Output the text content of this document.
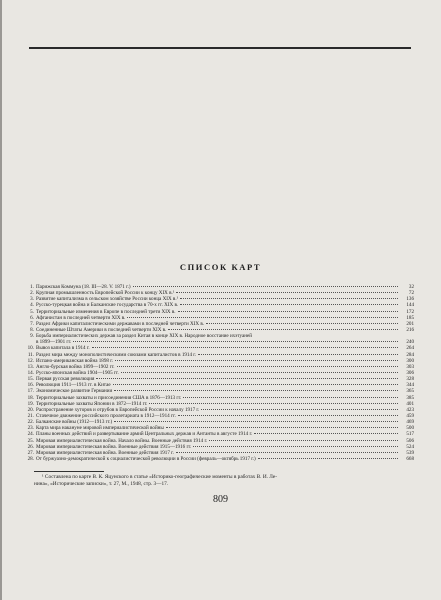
СПИСОК КАРТ
1. Парижская Коммуна (18. III—28. V. 1871 г.)	32
2. Крупная промышленность Европейской России к концу XIX в.¹	72
3. Развитие капитализма в сельском хозяйстве России конца XIX в.¹	136
4. Русско-турецкая война и Балканские государства в 70-х гг. XIX в.	144
5. Территориальные изменения в Европе в последней трети XIX в.	172
6. Афганистан в последней четверти XIX в.	185
7. Раздел Африки капиталистическими державами в последней четверти XIX в.	201
8. Соединенные Штаты Америки в последней четверти XIX в.	216
9. Борьба империалистических держав за раздел Китая в конце XIX в. Народное восстание ихэтуаней
в 1899—1901 гг.	240
10. Вывоз капитала в 1914 г.	264
11. Раздел мира между монополистическими союзами капиталистов в 1914 г.	284
12. Испано-американская война 1898 г.	300
13. Англо-бурская война 1899—1902 гг.	303
14. Русско-японская война 1904—1905 гг.	306
15. Первая русская революция	328
16. Революция 1911—1913 гг. в Китае	344
17. Экономическое развитие Германии	365
18. Территориальные захваты и присоединения США в 1876—1913 гг.	385
19. Территориальные захваты Японии в 1872—1914 гг.	401
20. Распространение хуторов и отрубов в Европейской России к началу 1917 г.	423
21. Стачечное движение российского пролетариата в 1912—1914 гг.	459
22. Балканские войны (1912—1913 гг.)	469
23. Карта мира накануне мировой империалистической войны	500
24. Планы военных действий и развертывание армий Центральных держав и Антанты в августе 1914 г.	517
25. Мировая империалистическая война. Начало войны. Военные действия 1914 г.	506
26. Мировая империалистическая война. Военные действия 1915—1916 гг.	524
27. Мировая империалистическая война. Военные действия 1917 г.	539
28. От буржуазно-демократической к социалистической революции в России (февраль—октябрь 1917 г.)	668
¹ Составлена по карте В. К. Яцунского в статье «Историко-географические моменты в работах В. И. Ле-
нина», «Исторические записки», т. 27, М., 1948, стр. 3—17.
809
